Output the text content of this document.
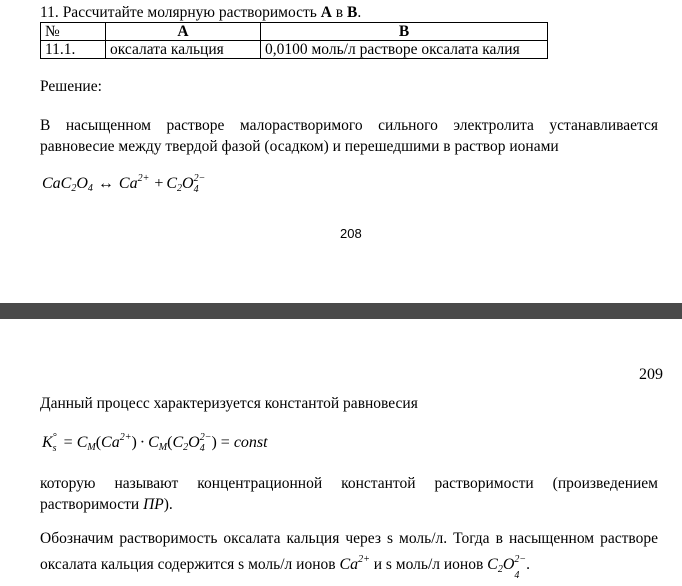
11. Рассчитайте молярную растворимость А в В.
№	А	В
11.1.	оксалата кальция	0,0100 моль/л растворе оксалата калия
Решение:
В насыщенном растворе малорастворимого сильного электролита устанавливается равновесие между твердой фазой (осадком) и перешедшими в раствор ионами
$CaC_2O_4$ ↔ $Ca^{2+} + C_2O^{2-}$
4
208
209
Данный процесс характеризуется константой равновесия
K°
$s = C_M(Ca^{2+}) \cdot C_M(C_2O^{2-}$
4 ) = const
которую называют концентрационной константой растворимости (произведением растворимости ПР).
Обозначим растворимость оксалата кальция через s моль/л. Тогда в насыщенном растворе оксалата кальция содержится s моль/л ионов $Ca^{2+}$ и s моль/л ионов $C_2O^{2-}$
4
.
